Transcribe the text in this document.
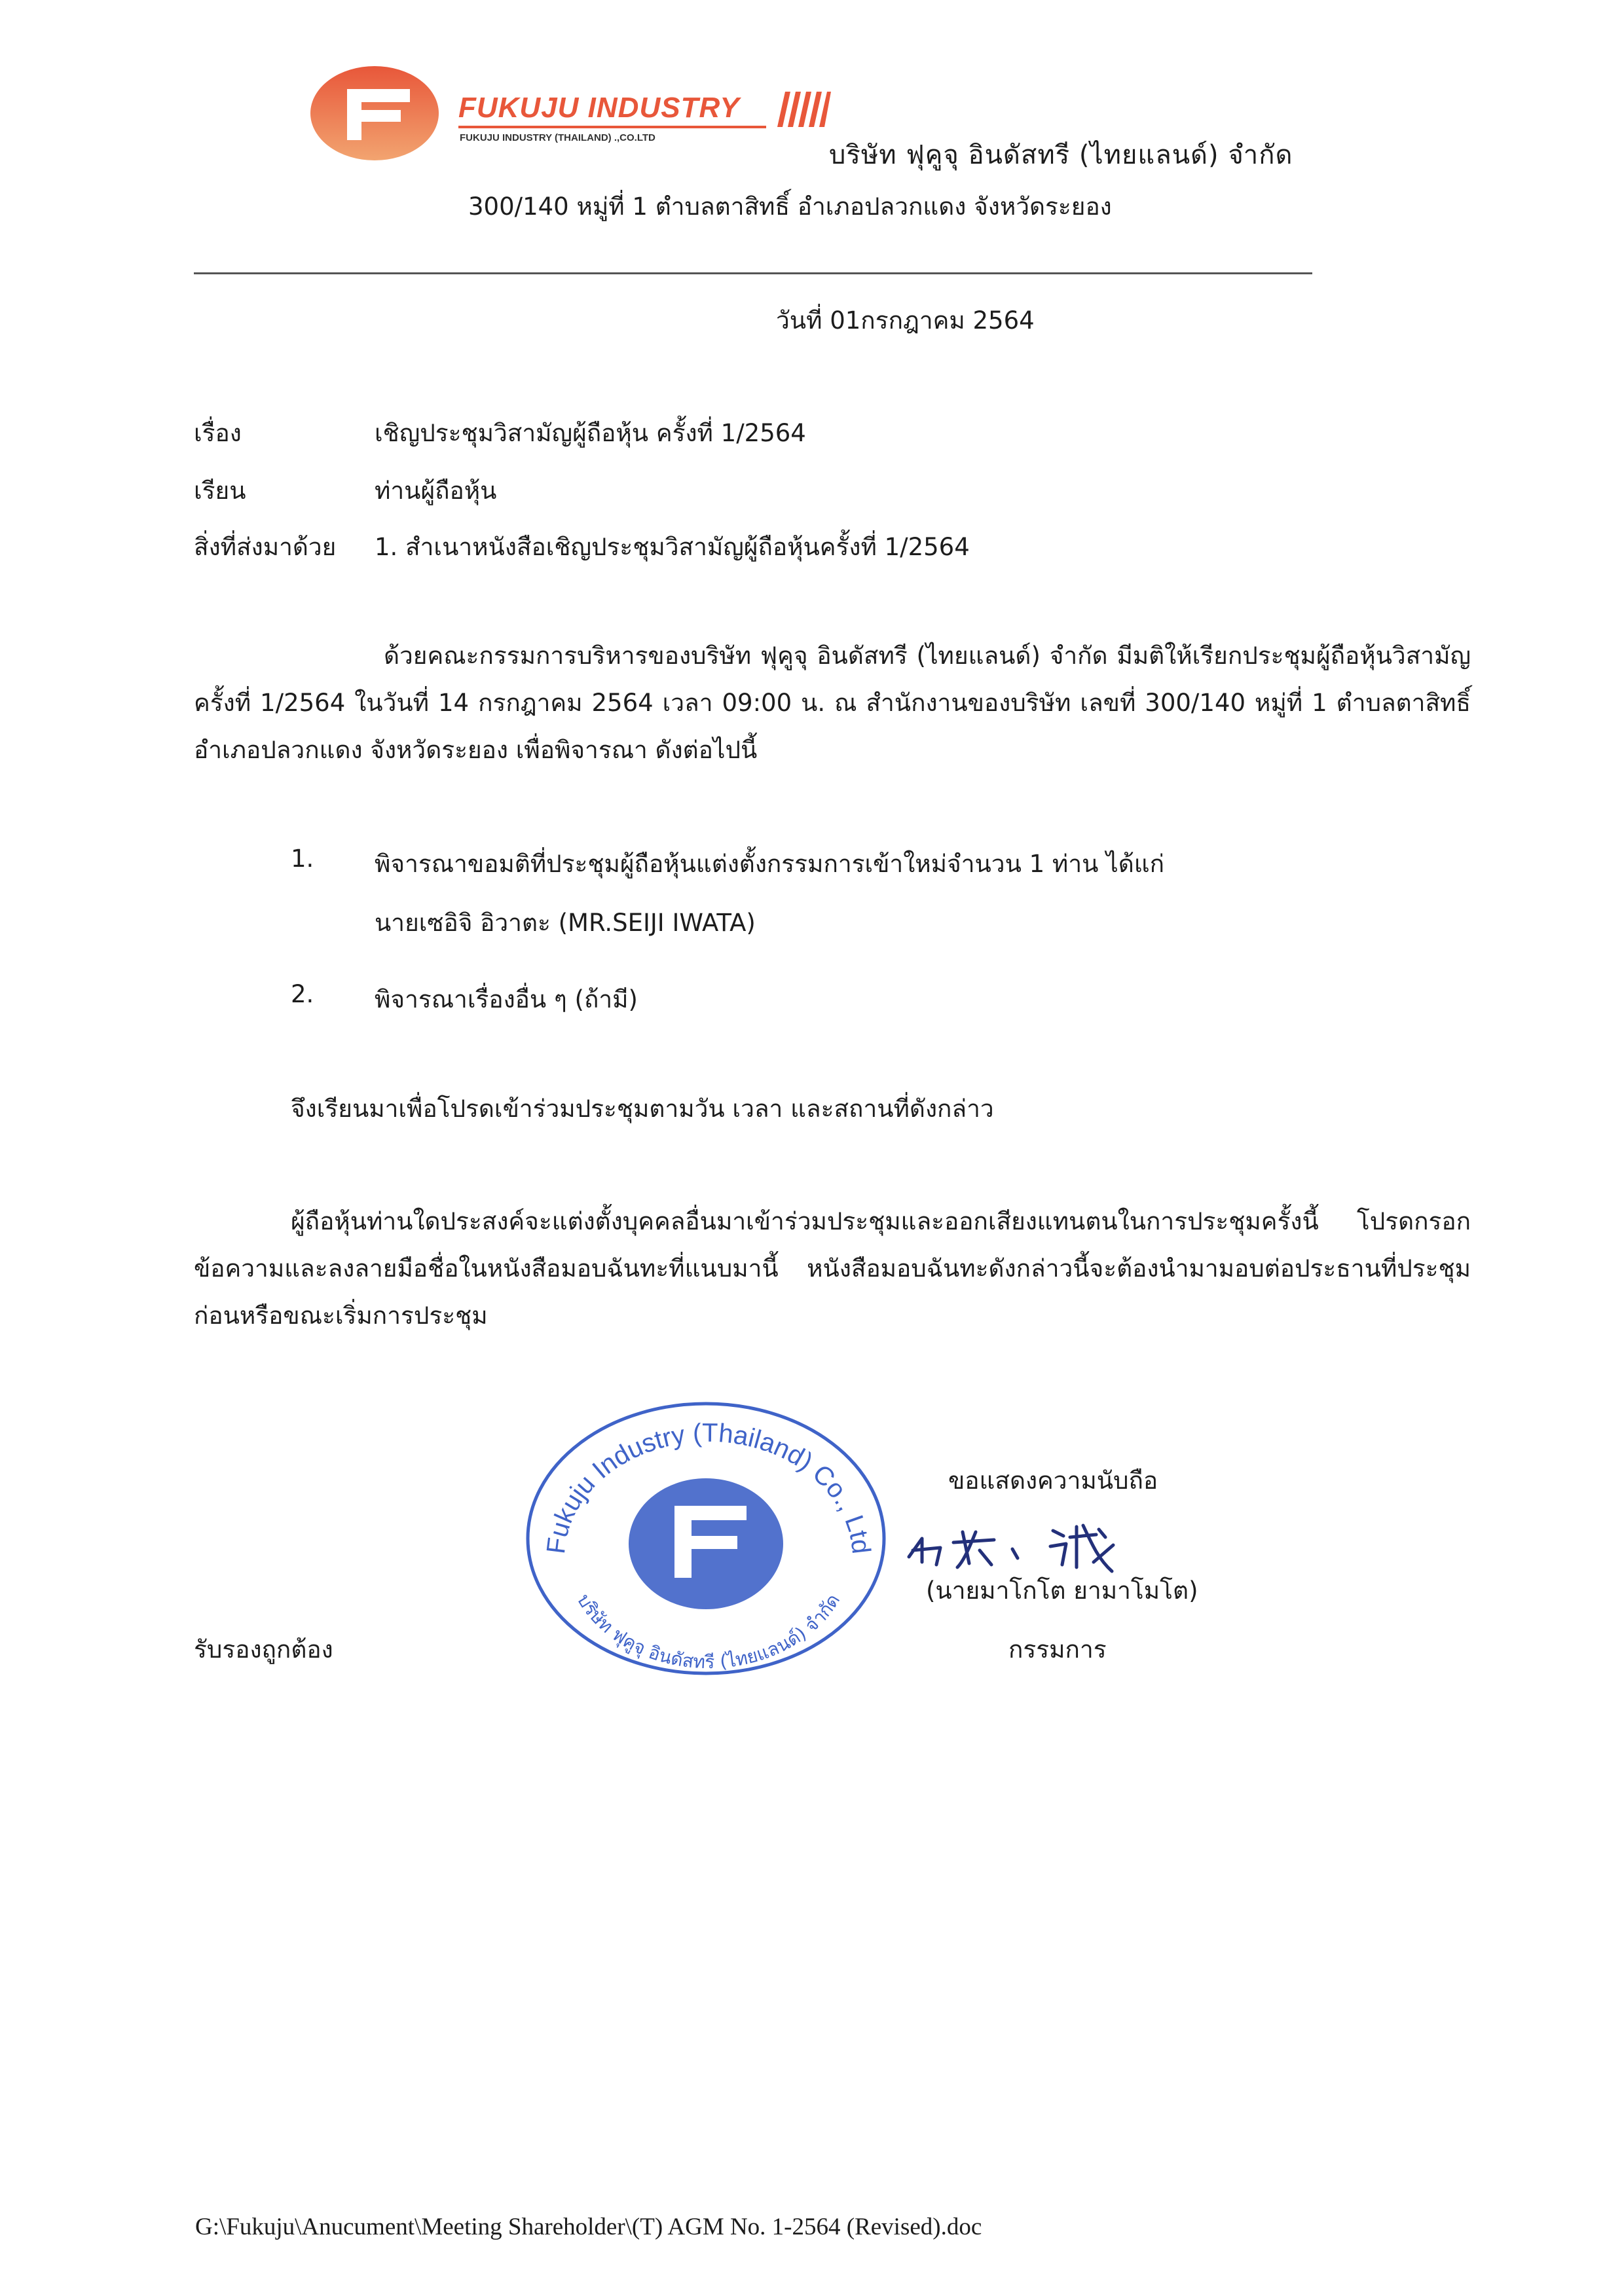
FUKUJU INDUSTRY
FUKUJU INDUSTRY (THAILAND) .,CO.LTD
บริษัท ฟุคูจุ อินดัสทรี (ไทยแลนด์) จำกัด
300/140 หมู่ที่ 1 ตำบลตาสิทธิ์ อำเภอปลวกแดง จังหวัดระยอง
วันที่ 01กรกฎาคม 2564
เรื่อง	เชิญประชุมวิสามัญผู้ถือหุ้น ครั้งที่ 1/2564
เรียน	ท่านผู้ถือหุ้น
สิ่งที่ส่งมาด้วย 1. สำเนาหนังสือเชิญประชุมวิสามัญผู้ถือหุ้นครั้งที่ 1/2564
ด้วยคณะกรรมการบริหารของบริษัท ฟุคูจุ อินดัสทรี (ไทยแลนด์) จำกัด มีมติให้เรียกประชุมผู้ถือหุ้นวิสามัญครั้งที่ 1/2564 ในวันที่ 14 กรกฎาคม 2564 เวลา 09:00 น. ณ สำนักงานของบริษัท เลขที่ 300/140 หมู่ที่ 1 ตำบลตาสิทธิ์ อำเภอปลวกแดง จังหวัดระยอง เพื่อพิจารณา ดังต่อไปนี้
1.	พิจารณาขอมติที่ประชุมผู้ถือหุ้นแต่งตั้งกรรมการเข้าใหม่จำนวน 1 ท่าน ได้แก่
นายเซอิจิ อิวาตะ (MR.SEIJI IWATA)
2.	พิจารณาเรื่องอื่น ๆ (ถ้ามี)
จึงเรียนมาเพื่อโปรดเข้าร่วมประชุมตามวัน เวลา และสถานที่ดังกล่าว
ผู้ถือหุ้นท่านใดประสงค์จะแต่งตั้งบุคคลอื่นมาเข้าร่วมประชุมและออกเสียงแทนตนในการประชุมครั้งนี้ โปรดกรอกข้อความและลงลายมือชื่อในหนังสือมอบฉันทะที่แนบมานี้ หนังสือมอบฉันทะดังกล่าวนี้จะต้องนำมามอบต่อประธานที่ประชุมก่อนหรือขณะเริ่มการประชุม
Fukuju Industry (Thailand) Co., Ltd
บริษัท ฟุคูจุ อินดัสทรี (ไทยแลนด์) จำกัด
ขอแสดงความนับถือ
(นายมาโกโต ยามาโมโต)
กรรมการ
รับรองถูกต้อง
G:\Fukuju\Anucument\Meeting Shareholder\(T) AGM No. 1-2564 (Revised).doc
